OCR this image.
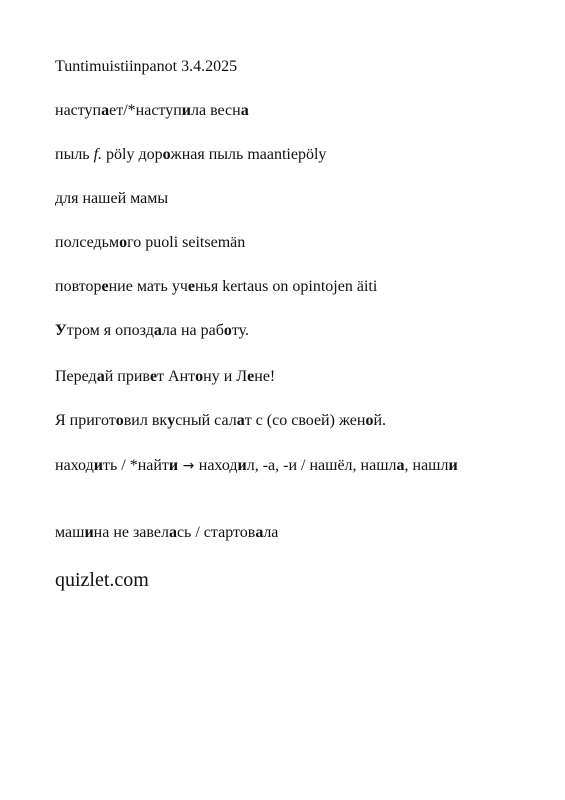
Tuntimuistiinpanot 3.4.2025
наступает/*наступила весна
пыль f. pöly дорожная пыль maantiepöly
для нашей мамы
полседьмого puoli seitsemän
повторение мать ученья kertaus on opintojen äiti
Утром я опоздала на работу.
Передай привет Антону и Лене!
Я приготовил вкусный салат с (со своей) женой.
находить / *найти → находил, -а, -и / нашёл, нашла, нашли
машина не завелась / стартовала
quizlet.com
